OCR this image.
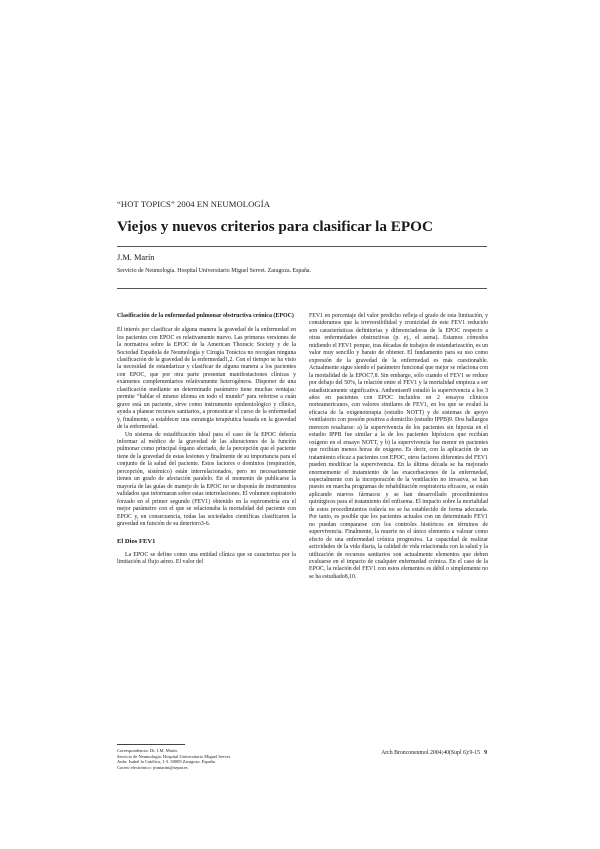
“HOT TOPICS” 2004 EN NEUMOLOGÍA
Viejos y nuevos criterios para clasificar la EPOC
J.M. Marín
Servicio de Neumología. Hospital Universitario Miguel Servet. Zaragoza. España.
Clasificación de la enfermedad pulmonar obstructiva crónica (EPOC)

El interés por clasificar de alguna manera la gravedad de la enfermedad en los pacientes con EPOC es relativamente nuevo. Las primeras versiones de la normativa sobre la EPOC de la American Thoracic Society y de la Sociedad Española de Neumología y Cirugía Torácica no recogían ninguna clasificación de la gravedad de la enfermedad1,2. Con el tiempo se ha visto la necesidad de estandarizar y clasificar de alguna manera a los pacientes con EPOC, que por otra parte presentan manifestaciones clínicas y exámenes complementarios relativamente heterogéneos. Disponer de una clasificación mediante un determinado parámetro tiene muchas ventajas: permite “hablar el mismo idioma en todo el mundo” para referirse a cuán grave está un paciente, sirve como instrumento epidemiológico y clínico, ayuda a planear recursos sanitarios, a pronosticar el curso de la enfermedad y, finalmente, a establecer una estrategia terapéutica basada en la gravedad de la enfermedad.

Un sistema de estadificación ideal para el caso de la EPOC debería informar al médico de la gravedad de las alteraciones de la función pulmonar como principal órgano afectado, de la percepción que el paciente tiene de la gravedad de estas lesiones y finalmente de su importancia para el conjunto de la salud del paciente. Estos factores o dominios (respiración, percepción, sistémico) están interrelacionados, pero no necesariamente tienen un grado de afectación paralelo. En el momento de publicarse la mayoría de las guías de manejo de la EPOC no se disponía de instrumentos validados que informaran sobre estas interrelaciones. El volumen espiratorio forzado en el primer segundo (FEV1) obtenido en la espirometría era el mejor parámetro con el que se relacionaba la mortalidad del paciente con EPOC y, en consecuencia, todas las sociedades científicas clasificaron la gravedad en función de su deterioro3-6.

El Dios FEV1

La EPOC se define como una entidad clínica que se caracteriza por la limitación al flujo aéreo. El valor del

FEV1 en porcentaje del valor predicho refleja el grado de esta limitación, y consideramos que la irreversibilidad y cronicidad de este FEV1 reducido son características definitorias y diferenciadoras de la EPOC respecto a otras enfermedades obstructivas (p. ej., el asma). Estamos cómodos midiendo el FEV1 porque, tras décadas de trabajos de estandarización, es un valor muy sencillo y barato de obtener. El fundamento para su uso como expresión de la gravedad de la enfermedad es más cuestionable. Actualmente sigue siendo el parámetro funcional que mejor se relaciona con la mortalidad de la EPOC7,8. Sin embargo, sólo cuando el FEV1 se reduce por debajo del 50%, la relación entre el FEV1 y la mortalidad empieza a ser estadísticamente significativa. Anthonisen9 estudió la supervivencia a los 3 años en pacientes con EPOC incluidos en 2 ensayos clínicos norteamericanos, con valores similares de FEV1, en los que se evaluó la eficacia de la oxigenoterapia (estudio NOTT) y de sistemas de apoyo ventilatorio con presión positiva a domicilio (estudio IPPB)9. Dos hallazgos merecen resaltarse: a) la supervivencia de los pacientes sin hipoxia en el estudio IPPB fue similar a la de los pacientes hipóxicos que recibían oxígeno en el ensayo NOTT, y b) la supervivencia fue menor en pacientes que recibían menos horas de oxígeno. Es decir, con la aplicación de un tratamiento eficaz a pacientes con EPOC, otros factores diferentes del FEV1 pueden modificar la supervivencia. En la última década se ha mejorado enormemente el tratamiento de las exacerbaciones de la enfermedad, especialmente con la incorporación de la ventilación no invasiva, se han puesto en marcha programas de rehabilitación respiratoria eficaces, se están aplicando nuevos fármacos y se han desarrollado procedimientos quirúrgicos para el tratamiento del enfisema. El impacto sobre la mortalidad de estos procedimientos todavía no se ha establecido de forma adecuada. Por tanto, es posible que los pacientes actuales con un determinado FEV1 no puedan compararse con los controles históricos en términos de supervivencia. Finalmente, la muerte no el único elemento a valorar como efecto de una enfermedad crónica progresiva. La capacidad de realizar actividades de la vida diaria, la calidad de vida relacionada con la salud y la utilización de recursos sanitarios son actualmente elementos que deben evaluarse en el impacto de cualquier enfermedad crónica. En el caso de la EPOC, la relación del FEV1 con estos elementos es débil o simplemente no se ha estudiado8,10.

Correspondencia: Dr. J.M. Marín.
Servicio de Neumología. Hospital Universitario Miguel Servet.
Avda. Isabel la Católica, 1-3. 50009 Zaragoza. España.
Correo electrónico: jmmarint@separ.es
Arch Bronconeumol 2004;40(Supl 6):9-15 9
